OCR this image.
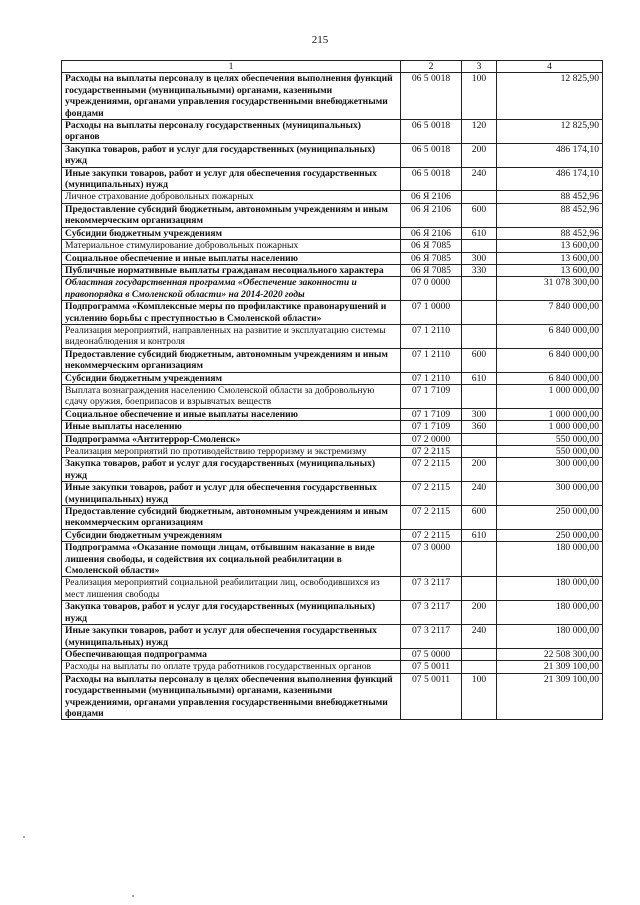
215
1	2	3	4
Расходы на выплаты персоналу в целях обеспечения выполнения функций государственными (муниципальными) органами, казенными учреждениями, органами управления государственными внебюджетными фондами	06 5 0018	100	12 825,90
Расходы на выплаты персоналу государственных (муниципальных) органов	06 5 0018	120	12 825,90
Закупка товаров, работ и услуг для государственных (муниципальных) нужд	06 5 0018	200	486 174,10
Иные закупки товаров, работ и услуг для обеспечения государственных (муниципальных) нужд	06 5 0018	240	486 174,10
Личное страхование добровольных пожарных	06 Я 2106		88 452,96
Предоставление субсидий бюджетным, автономным учреждениям и иным некоммерческим организациям	06 Я 2106	600	88 452,96
Субсидии бюджетным учреждениям	06 Я 2106	610	88 452,96
Материальное стимулирование добровольных пожарных	06 Я 7085		13 600,00
Социальное обеспечение и иные выплаты населению	06 Я 7085	300	13 600,00
Публичные нормативные выплаты гражданам несоциального характера	06 Я 7085	330	13 600,00
Областная государственная программа «Обеспечение законности и правопорядка в Смоленской области» на 2014-2020 годы	07 0 0000		31 078 300,00
Подпрограмма «Комплексные меры по профилактике правонарушений и усилению борьбы с преступностью в Смоленской области»	07 1 0000		7 840 000,00
Реализация мероприятий, направленных на развитие и эксплуатацию системы видеонаблюдения и контроля	07 1 2110		6 840 000,00
Предоставление субсидий бюджетным, автономным учреждениям и иным некоммерческим организациям	07 1 2110	600	6 840 000,00
Субсидии бюджетным учреждениям	07 1 2110	610	6 840 000,00
Выплата вознаграждения населению Смоленской области за добровольную сдачу оружия, боеприпасов и взрывчатых веществ	07 1 7109		1 000 000,00
Социальное обеспечение и иные выплаты населению	07 1 7109	300	1 000 000,00
Иные выплаты населению	07 1 7109	360	1 000 000,00
Подпрограмма «Антитеррор-Смоленск»	07 2 0000		550 000,00
Реализация мероприятий по противодействию терроризму и экстремизму	07 2 2115		550 000,00
Закупка товаров, работ и услуг для государственных (муниципальных) нужд	07 2 2115	200	300 000,00
Иные закупки товаров, работ и услуг для обеспечения государственных (муниципальных) нужд	07 2 2115	240	300 000,00
Предоставление субсидий бюджетным, автономным учреждениям и иным некоммерческим организациям	07 2 2115	600	250 000,00
Субсидии бюджетным учреждениям	07 2 2115	610	250 000,00
Подпрограмма «Оказание помощи лицам, отбывшим наказание в виде лишения свободы, и содействия их социальной реабилитации в Смоленской области»	07 3 0000		180 000,00
Реализация мероприятий социальной реабилитации лиц, освободившихся из мест лишения свободы	07 3 2117		180 000,00
Закупка товаров, работ и услуг для государственных (муниципальных) нужд	07 3 2117	200	180 000,00
Иные закупки товаров, работ и услуг для обеспечения государственных (муниципальных) нужд	07 3 2117	240	180 000,00
Обеспечивающая подпрограмма	07 5 0000		22 508 300,00
Расходы на выплаты по оплате труда работников государственных органов	07 5 0011		21 309 100,00
Расходы на выплаты персоналу в целях обеспечения выполнения функций государственными (муниципальными) органами, казенными учреждениями, органами управления государственными внебюджетными фондами	07 5 0011	100	21 309 100,00
